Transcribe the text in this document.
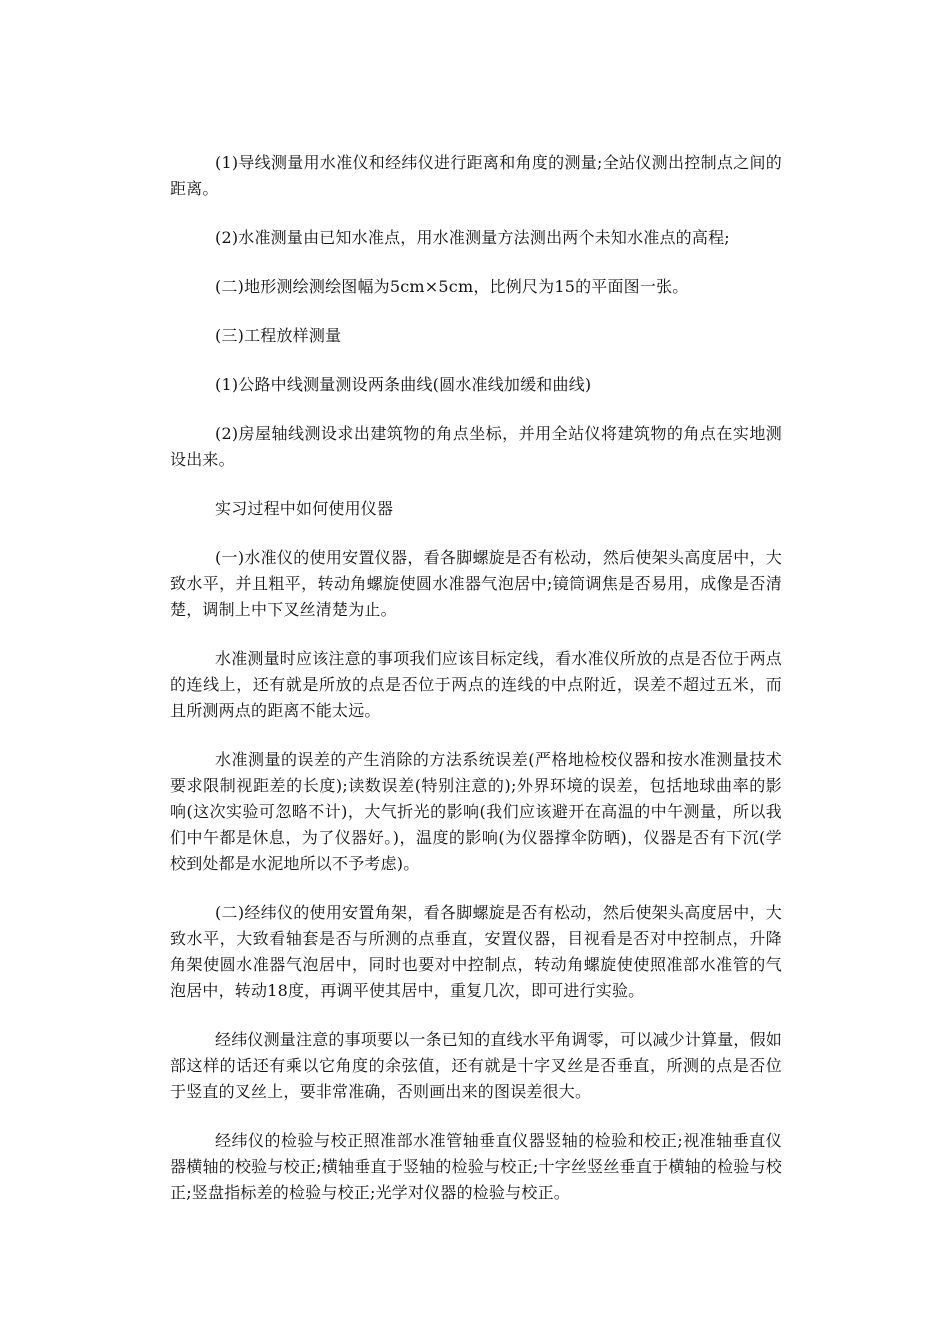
(1)导线测量用水准仪和经纬仪进行距离和角度的测量;全站仪测出控制点之间的距离。

(2)水准测量由已知水准点，用水准测量方法测出两个未知水准点的高程;

(二)地形测绘测绘图幅为5cm×5cm，比例尺为15的平面图一张。

(三)工程放样测量

(1)公路中线测量测设两条曲线(圆水准线加缓和曲线)

(2)房屋轴线测设求出建筑物的角点坐标，并用全站仪将建筑物的角点在实地测设出来。

实习过程中如何使用仪器

(一)水准仪的使用安置仪器，看各脚螺旋是否有松动，然后使架头高度居中，大致水平，并且粗平，转动角螺旋使圆水准器气泡居中;镜筒调焦是否易用，成像是否清楚，调制上中下叉丝清楚为止。

水准测量时应该注意的事项我们应该目标定线，看水准仪所放的点是否位于两点的连线上，还有就是所放的点是否位于两点的连线的中点附近，误差不超过五米，而且所测两点的距离不能太远。

水准测量的误差的产生消除的方法系统误差(严格地检校仪器和按水准测量技术要求限制视距差的长度);读数误差(特别注意的);外界环境的误差，包括地球曲率的影响(这次实验可忽略不计)，大气折光的影响(我们应该避开在高温的中午测量，所以我们中午都是休息，为了仪器好。)，温度的影响(为仪器撑伞防晒)，仪器是否有下沉(学校到处都是水泥地所以不予考虑)。

(二)经纬仪的使用安置角架，看各脚螺旋是否有松动，然后使架头高度居中，大致水平，大致看轴套是否与所测的点垂直，安置仪器，目视看是否对中控制点，升降角架使圆水准器气泡居中，同时也要对中控制点，转动角螺旋使使照准部水准管的气泡居中，转动18度，再调平使其居中，重复几次，即可进行实验。

经纬仪测量注意的事项要以一条已知的直线水平角调零，可以减少计算量，假如部这样的话还有乘以它角度的余弦值，还有就是十字叉丝是否垂直，所测的点是否位于竖直的叉丝上，要非常准确，否则画出来的图误差很大。

经纬仪的检验与校正照准部水准管轴垂直仪器竖轴的检验和校正;视准轴垂直仪器横轴的校验与校正;横轴垂直于竖轴的检验与校正;十字丝竖丝垂直于横轴的检验与校正;竖盘指标差的检验与校正;光学对仪器的检验与校正。
